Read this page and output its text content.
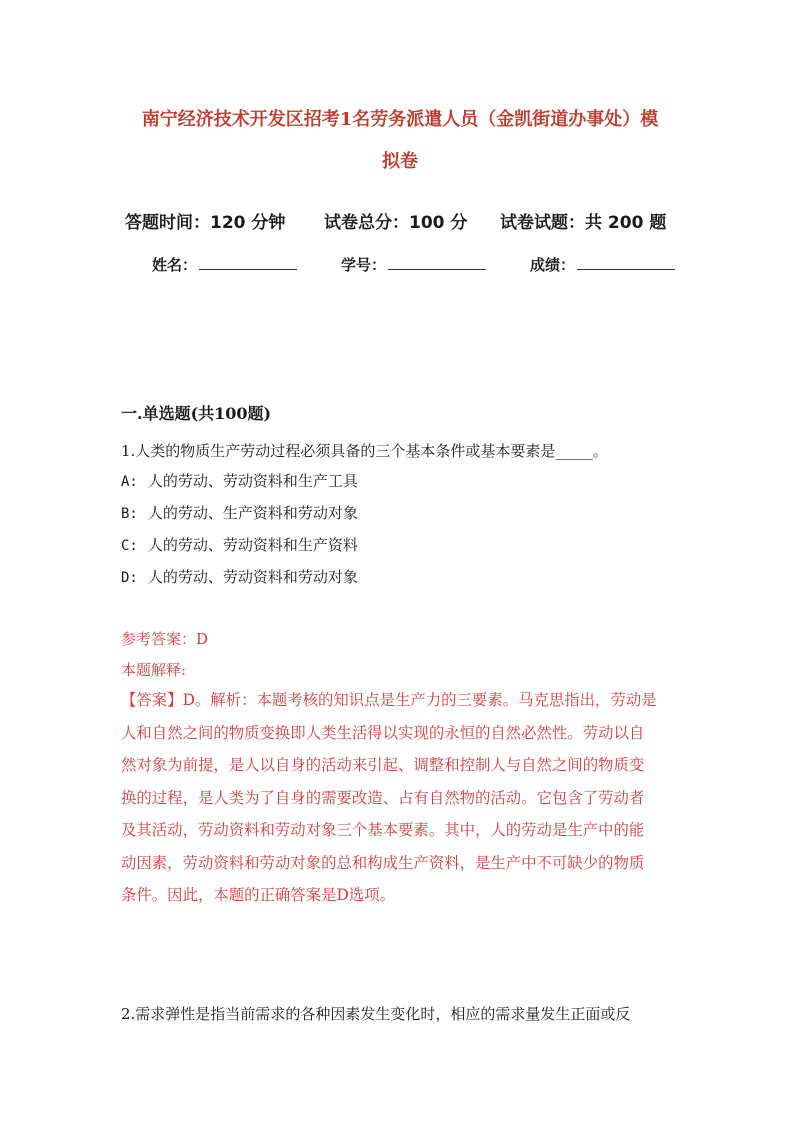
南宁经济技术开发区招考1名劳务派遣人员（金凯街道办事处）模
拟卷
答题时间：120 分钟 试卷总分：100 分 试卷试题：共 200 题
姓名：	学号：	成绩：
一.单选题(共100题)
1.人类的物质生产劳动过程必须具备的三个基本条件或基本要素是_____。
A: 人的劳动、劳动资料和生产工具
B: 人的劳动、生产资料和劳动对象
C: 人的劳动、劳动资料和生产资料
D: 人的劳动、劳动资料和劳动对象
参考答案：D
本题解释:
【答案】D。解析：本题考核的知识点是生产力的三要素。马克思指出，劳动是
人和自然之间的物质变换即人类生活得以实现的永恒的自然必然性。劳动以自
然对象为前提，是人以自身的活动来引起、调整和控制人与自然之间的物质变
换的过程，是人类为了自身的需要改造、占有自然物的活动。它包含了劳动者
及其活动，劳动资料和劳动对象三个基本要素。其中，人的劳动是生产中的能
动因素，劳动资料和劳动对象的总和构成生产资料，是生产中不可缺少的物质
条件。因此，本题的正确答案是D选项。
2.需求弹性是指当前需求的各种因素发生变化时，相应的需求量发生正面或反
